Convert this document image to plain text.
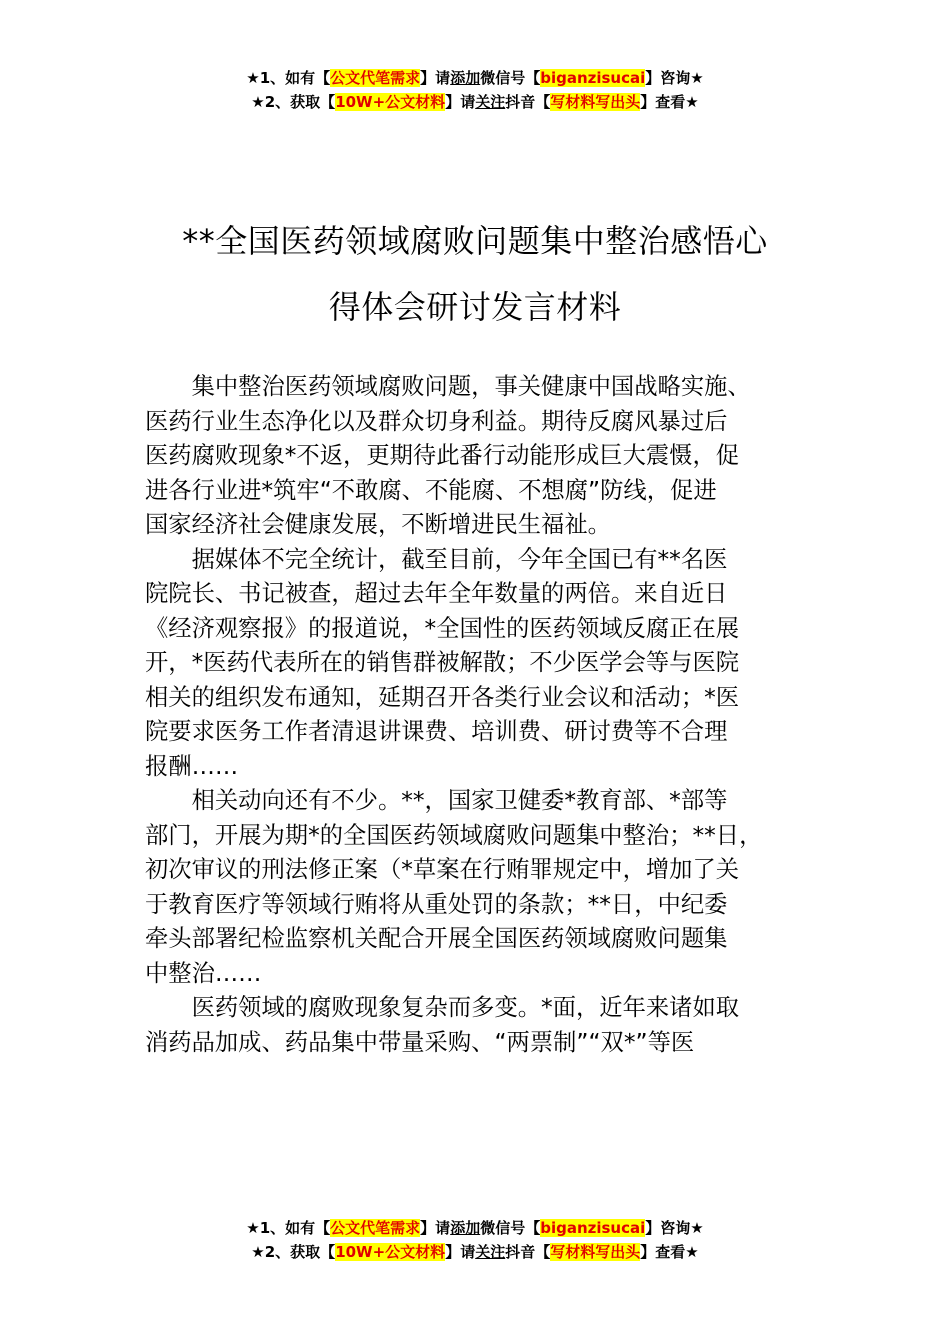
★1、如有【公文代笔需求】请添加微信号【biganzisucai】咨询★
★2、获取【10W+公文材料】请关注抖音【写材料写出头】查看★
**全国医药领域腐败问题集中整治感悟心
得体会研讨发言材料

集中整治医药领域腐败问题，事关健康中国战略实施、
医药行业生态净化以及群众切身利益。期待反腐风暴过后
医药腐败现象*不返，更期待此番行动能形成巨大震慑，促
进各行业进*筑牢“不敢腐、不能腐、不想腐”防线，促进
国家经济社会健康发展，不断增进民生福祉。

据媒体不完全统计，截至目前，今年全国已有**名医
院院长、书记被查，超过去年全年数量的两倍。来自近日
《经济观察报》的报道说，*全国性的医药领域反腐正在展
开，*医药代表所在的销售群被解散；不少医学会等与医院
相关的组织发布通知，延期召开各类行业会议和活动；*医
院要求医务工作者清退讲课费、培训费、研讨费等不合理
报酬……

相关动向还有不少。**，国家卫健委*教育部、*部等
部门，开展为期*的全国医药领域腐败问题集中整治；**日，
初次审议的刑法修正案（*草案在行贿罪规定中，增加了关
于教育医疗等领域行贿将从重处罚的条款；**日，中纪委
牵头部署纪检监察机关配合开展全国医药领域腐败问题集
中整治……

医药领域的腐败现象复杂而多变。*面，近年来诸如取
消药品加成、药品集中带量采购、“两票制”“双*”等医

★1、如有【公文代笔需求】请添加微信号【biganzisucai】咨询★
★2、获取【10W+公文材料】请关注抖音【写材料写出头】查看★
